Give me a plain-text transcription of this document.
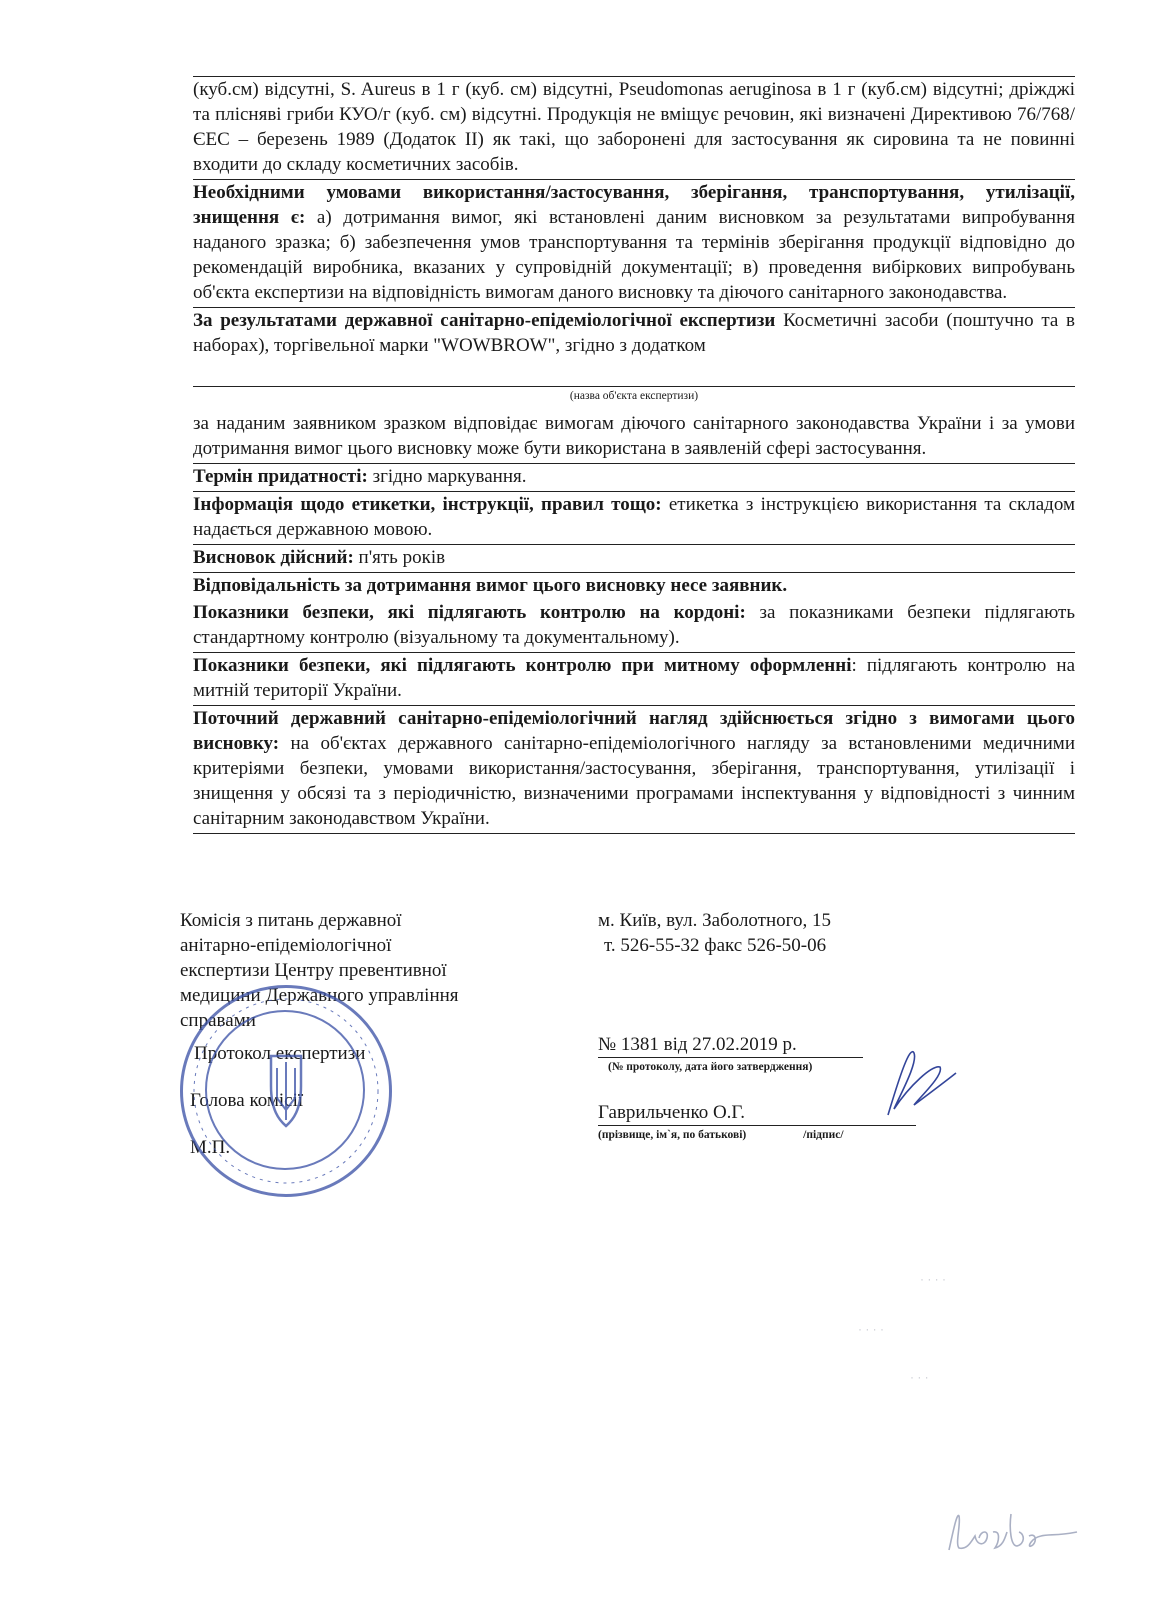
(куб.см) відсутні, S. Aureus в 1 г (куб. см) відсутні, Pseudomonas aeruginosa в 1 г (куб.см) відсутні; дріжджі та плісняві гриби КУО/г (куб. см) відсутні. Продукція не вміщує речовин, які визначені Директивою 76/768/ЄЕС – березень 1989 (Додаток ІІ) як такі, що заборонені для застосування як сировина та не повинні входити до складу косметичних засобів.
Необхідними умовами використання/застосування, зберігання, транспортування, утилізації, знищення є: а) дотримання вимог, які встановлені даним висновком за результатами випробування наданого зразка; б) забезпечення умов транспортування та термінів зберігання продукції відповідно до рекомендацій виробника, вказаних у супровідній документації; в) проведення вибіркових випробувань об'єкта експертизи на відповідність вимогам даного висновку та діючого санітарного законодавства.
За результатами державної санітарно-епідеміологічної експертизи Косметичні засоби (поштучно та в наборах), торгівельної марки "WOWBROW", згідно з додатком
(назва об'єкта експертизи)
за наданим заявником зразком відповідає вимогам діючого санітарного законодавства України і за умови дотримання вимог цього висновку може бути використана в заявленій сфері застосування.
Термін придатності: згідно маркування.
Інформація щодо етикетки, інструкції, правил тощо: етикетка з інструкцією використання та складом надається державною мовою.
Висновок дійсний: п'ять років
Відповідальність за дотримання вимог цього висновку несе заявник.
Показники безпеки, які підлягають контролю на кордоні: за показниками безпеки підлягають стандартному контролю (візуальному та документальному).
Показники безпеки, які підлягають контролю при митному оформленні: підлягають контролю на митній території України.
Поточний державний санітарно-епідеміологічний нагляд здійснюється згідно з вимогами цього висновку: на об'єктах державного санітарно-епідеміологічного нагляду за встановленими медичними критеріями безпеки, умовами використання/застосування, зберігання, транспортування, утилізації і знищення у обсязі та з періодичністю, визначеними програмами інспектування у відповідності з чинним санітарним законодавством України.
Комісія з питань державної
анітарно-епідеміологічної
експертизи Центру превентивної
медицини Державного управління
справами
Протокол експертизи
Голова комісії
М.П.
м. Київ, вул. Заболотного, 15
т. 526-55-32 факс 526-50-06
№ 1381 від 27.02.2019 р.
(№ протоколу, дата його затвердження)
Гаврильченко О.Г.
(прізвище, ім`я, по батькові)	/підпис/
· · · ·
· · · ·
· · ·
